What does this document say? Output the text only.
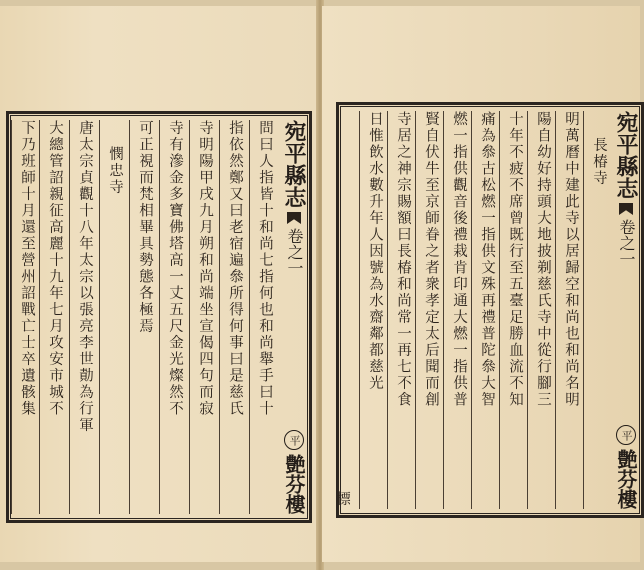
宛平縣志卷之一
平艶芬樓
問曰人指皆十和尚七指何也和尚舉手曰十
指依然鄭又曰老宿遍叅所得何事曰是慈氏
寺明陽甲戌九月朔和尚端坐宣偈四句而寂
寺有滲金多寶佛塔高一丈五尺金光燦然不
可正視而梵相畢具勢態各極焉
憫忠寺
唐太宗貞觀十八年太宗以張亮李世勣為行軍
大總管詔親征高麗十九年七月攻安市城不
下乃班師十月還至營州詔戰亡士卒遺骸集	宛平縣志卷之一
平艶芬樓
長椿寺
明萬曆中建此寺以居歸空和尚也和尚名明
陽自幼好持頭大地披剃慈氏寺中從行腳三
十年不疲不席曾既行至五臺足勝血流不知
痛為叅古松燃一指供文殊再禮普陀叅大智
燃一指供觀音後禮栽肯印通大燃一指供普
賢自伏牛至京師眷之者衆孝定太后聞而創
寺居之神宗賜額曰長椿和尚常一再七不食
日惟飲水數升年人因號為水齋鄰都慈光
標
